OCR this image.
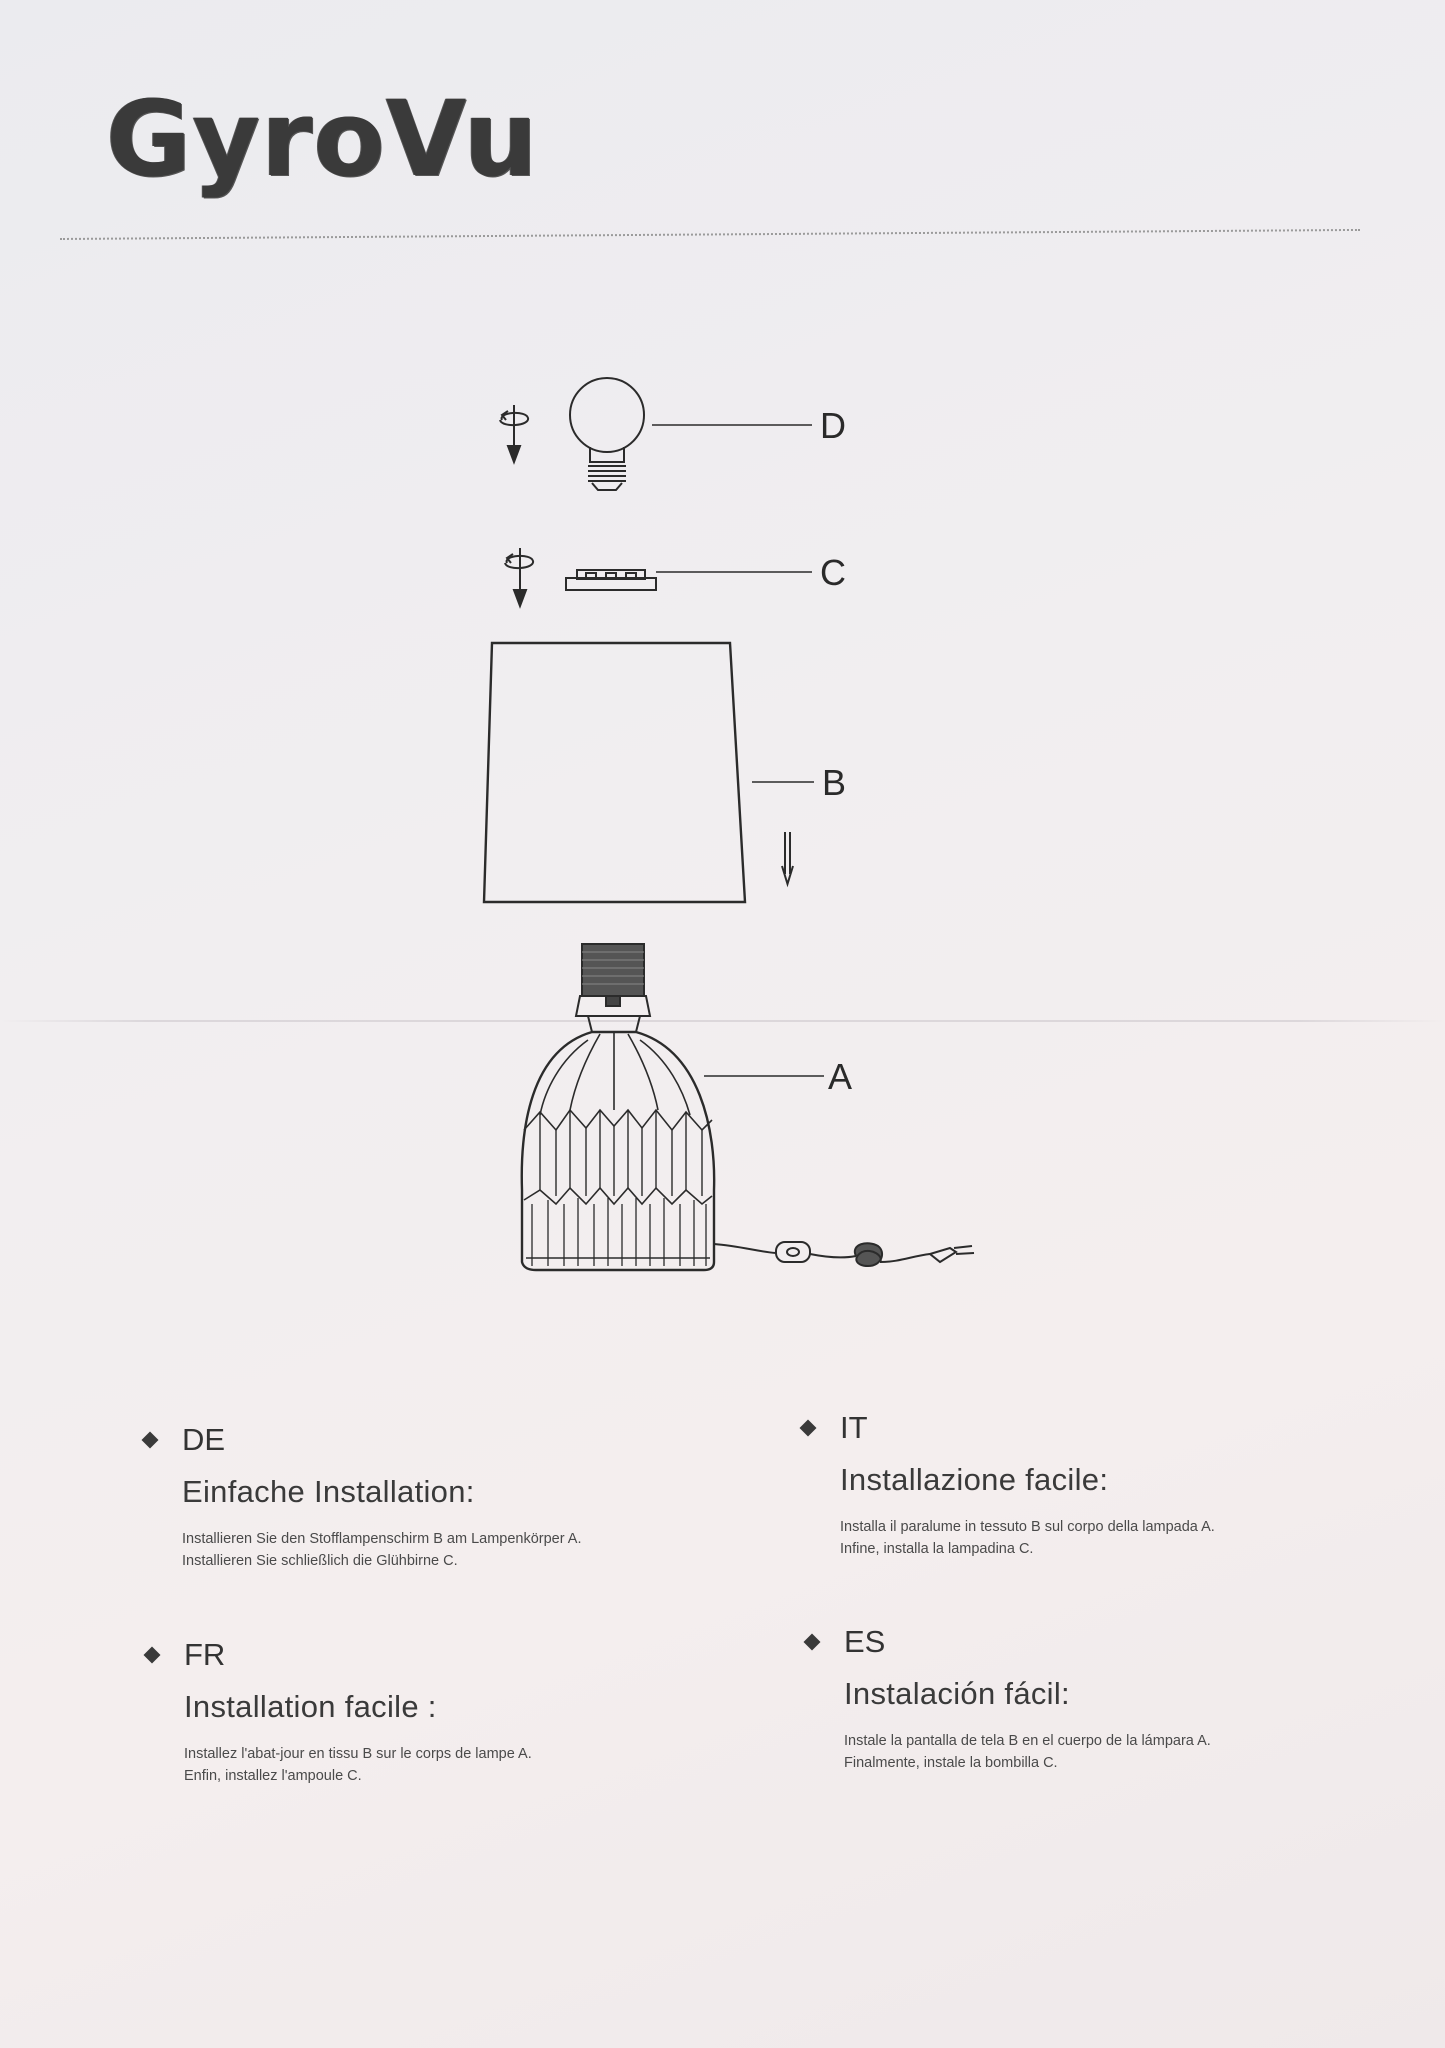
GyroVu
D
C
B
A
DE
Einfache Installation:
Installieren Sie den Stofflampenschirm B am Lampenkörper A.
Installieren Sie schließlich die Glühbirne C.
IT
Installazione facile:
Installa il paralume in tessuto B sul corpo della lampada A.
Infine, installa la lampadina C.
FR
Installation facile :
Installez l'abat-jour en tissu B sur le corps de lampe A.
Enfin, installez l'ampoule C.
ES
Instalación fácil:
Instale la pantalla de tela B en el cuerpo de la lámpara A.
Finalmente, instale la bombilla C.
